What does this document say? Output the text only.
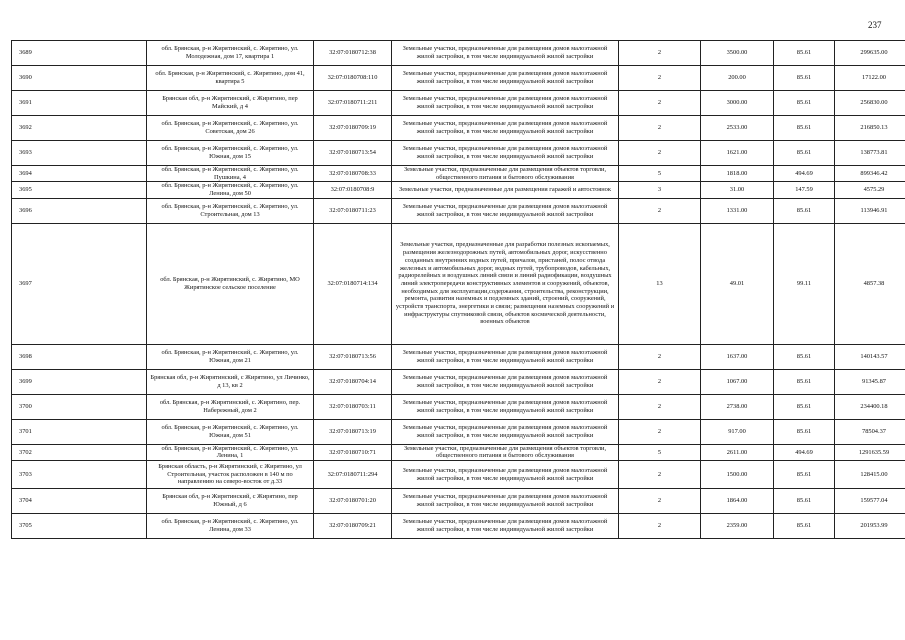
237
3689	обл. Брянская, р-н Жирятинский, с. Жирятино, ул. Молодежная, дом 17, квартира 1	32:07:0180712:38	Земельные участки, предназначенные для размещения домов малоэтажной жилой застройки, в том числе индивидуальной жилой застройки	2	3500.00	85.61	299635.00
3690	обл. Брянская, р-н Жирятинский, с. Жирятино, дом 41, квартира 5	32:07:0180708:110	Земельные участки, предназначенные для размещения домов малоэтажной жилой застройки, в том числе индивидуальной жилой застройки	2	200.00	85.61	17122.00
3691	Брянская обл, р-н Жирятинский, с Жирятино, пер Майский, д 4	32:07:0180711:211	Земельные участки, предназначенные для размещения домов малоэтажной жилой застройки, в том числе индивидуальной жилой застройки	2	3000.00	85.61	256830.00
3692	обл. Брянская, р-н Жирятинский, с. Жирятино, ул. Советская, дом 26	32:07:0180709:19	Земельные участки, предназначенные для размещения домов малоэтажной жилой застройки, в том числе индивидуальной жилой застройки	2	2533.00	85.61	216850.13
3693	обл. Брянская, р-н Жирятинский, с. Жирятино, ул. Южная, дом 15	32:07:0180713:54	Земельные участки, предназначенные для размещения домов малоэтажной жилой застройки, в том числе индивидуальной жилой застройки	2	1621.00	85.61	138773.81
3694	обл. Брянская, р-н Жирятинский, с. Жирятино, ул. Пушкина, 4	32:07:0180708:33	Земельные участки, предназначенные для размещения объектов торговли, общественного питания и бытового обслуживания	5	1818.00	494.69	899346.42
3695	обл. Брянская, р-н Жирятинский, с. Жирятино, ул. Ленина, дом 50	32:07:0180708:9	Земельные участки, предназначенные для размещения гаражей и автостоянок	3	31.00	147.59	4575.29
3696	обл. Брянская, р-н Жирятинский, с. Жирятино, ул. Строительная, дом 13	32:07:0180711:23	Земельные участки, предназначенные для размещения домов малоэтажной жилой застройки, в том числе индивидуальной жилой застройки	2	1331.00	85.61	113946.91
3697	обл. Брянская, р-н Жирятинский, с. Жирятино, МО Жирятинское сельское поселение	32:07:0180714:134	Земельные участки, предназначенные для разработки полезных ископаемых, размещения железнодорожных путей, автомобильных дорог, искусственно созданных внутренних водных путей, причалов, пристаней, полос отвода железных и автомобильных дорог, водных путей, трубопроводов, кабельных, радиорелейных и воздушных линий связи и линий радиофикации, воздушных линий электропередачи конструктивных элементов и сооружений, объектов, необходимых для эксплуатации,содержания, строительства, реконструкции, ремонта, развития наземных и подземных зданий, строений, сооружений, устройств транспорта, энергетики и связи; размещения наземных сооружений и инфраструктуры спутниковой связи, объектов космической деятельности, военных объектов	13	49.01	99.11	4857.38
3698	обл. Брянская, р-н Жирятинский, с. Жирятино, ул. Южная, дом 21	32:07:0180713:56	Земельные участки, предназначенные для размещения домов малоэтажной жилой застройки, в том числе индивидуальной жилой застройки	2	1637.00	85.61	140143.57
3699	Брянская обл, р-н Жирятинский, с Жирятино, ул Личинко, д 13, кв 2	32:07:0180704:14	Земельные участки, предназначенные для размещения домов малоэтажной жилой застройки, в том числе индивидуальной жилой застройки	2	1067.00	85.61	91345.87
3700	обл. Брянская, р-н Жирятинский, с. Жирятино, пер. Набережный, дом 2	32:07:0180703:11	Земельные участки, предназначенные для размещения домов малоэтажной жилой застройки, в том числе индивидуальной жилой застройки	2	2738.00	85.61	234400.18
3701	обл. Брянская, р-н Жирятинский, с. Жирятино, ул. Южная, дом 51	32:07:0180713:19	Земельные участки, предназначенные для размещения домов малоэтажной жилой застройки, в том числе индивидуальной жилой застройки	2	917.00	85.61	78504.37
3702	обл. Брянская, р-н Жирятинский, с. Жирятино, ул. Ленина, 1	32:07:0180710:71	Земельные участки, предназначенные для размещения объектов торговли, общественного питания и бытового обслуживания	5	2611.00	494.69	1291635.59
3703	Брянская область, р-н Жирятинский, с Жирятино, ул Строительная, участок расположен в 140 м по направлению на северо-восток от д.33	32:07:0180711:294	Земельные участки, предназначенные для размещения домов малоэтажной жилой застройки, в том числе индивидуальной жилой застройки	2	1500.00	85.61	128415.00
3704	Брянская обл, р-н Жирятинский, с Жирятино, пер Южный, д 6	32:07:0180701:20	Земельные участки, предназначенные для размещения домов малоэтажной жилой застройки, в том числе индивидуальной жилой застройки	2	1864.00	85.61	159577.04
3705	обл. Брянская, р-н Жирятинский, с. Жирятино, ул. Ленина, дом 33	32:07:0180709:21	Земельные участки, предназначенные для размещения домов малоэтажной жилой застройки, в том числе индивидуальной жилой застройки	2	2359.00	85.61	201953.99
